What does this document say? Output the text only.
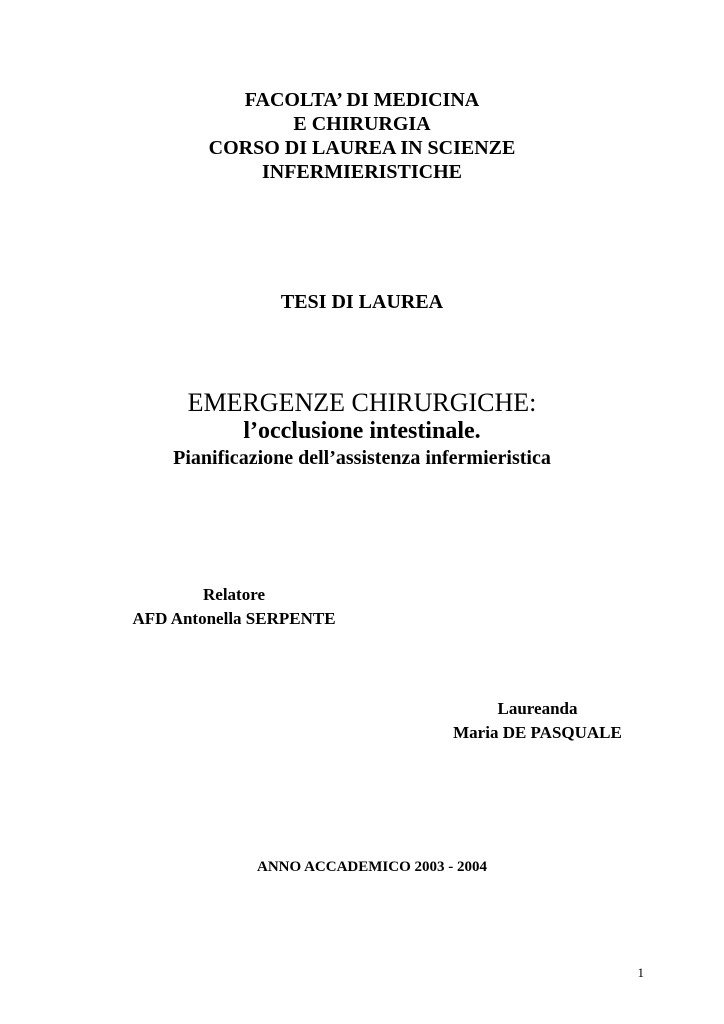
FACOLTA’ DI MEDICINA
E CHIRURGIA
CORSO DI LAUREA IN SCIENZE
INFERMIERISTICHE
TESI DI LAUREA
EMERGENZE CHIRURGICHE:
l’occlusione intestinale.
Pianificazione dell’assistenza infermieristica
Relatore
AFD Antonella SERPENTE
Laureanda
Maria DE PASQUALE
ANNO ACCADEMICO 2003 - 2004
1
